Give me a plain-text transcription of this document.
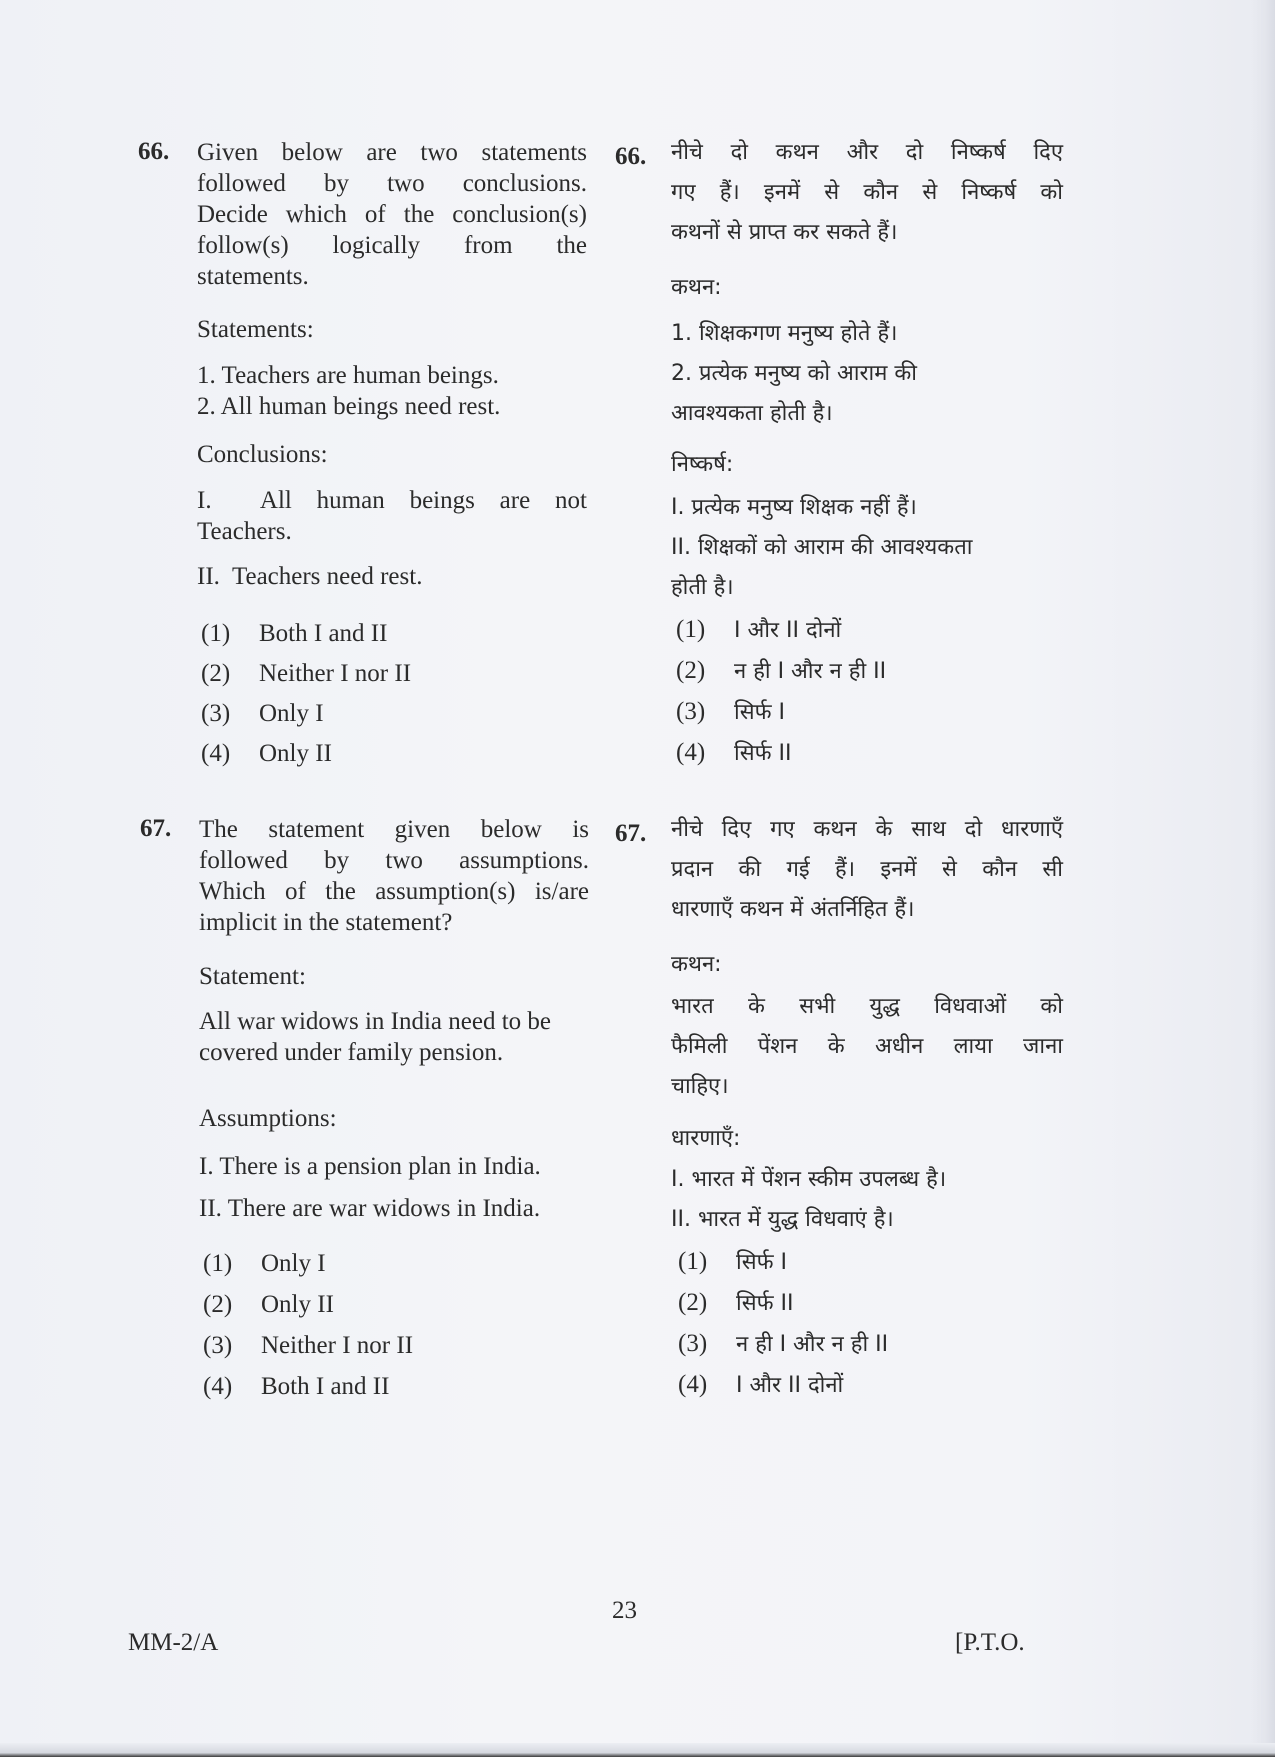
66. Given below are two statements
followed by two conclusions.
Decide which of the conclusion(s)
follow(s) logically from the
statements.
Statements:
1. Teachers are human beings.
2. All human beings need rest.
Conclusions:
I.  All human beings are not
Teachers.
II.  Teachers need rest.
(1) Both I and II
(2) Neither I nor II
(3) Only I
(4) Only II
66. नीचे दो कथन और दो निष्कर्ष दिए
गए हैं। इनमें से कौन से निष्कर्ष को
कथनों से प्राप्त कर सकते हैं।
कथन:
1. शिक्षकगण मनुष्य होते हैं।
2. प्रत्येक मनुष्य को आराम की
आवश्यकता होती है।
निष्कर्ष:
I. प्रत्येक मनुष्य शिक्षक नहीं हैं।
II. शिक्षकों को आराम की आवश्यकता
होती है।
(1) I और II दोनों
(2) न ही I और न ही II
(3) सिर्फ I
(4) सिर्फ II
67. The statement given below is
followed by two assumptions.
Which of the assumption(s) is/are
implicit in the statement?
Statement:
All war widows in India need to be
covered under family pension.
Assumptions:
I. There is a pension plan in India.
II. There are war widows in India.
(1) Only I
(2) Only II
(3) Neither I nor II
(4) Both I and II
67. नीचे दिए गए कथन के साथ दो धारणाएँ
प्रदान की गई हैं। इनमें से कौन सी
धारणाएँ कथन में अंतर्निहित हैं।
कथन:
भारत के सभी युद्ध विधवाओं को
फैमिली पेंशन के अधीन लाया जाना
चाहिए।
धारणाएँ:
I. भारत में पेंशन स्कीम उपलब्ध है।
II. भारत में युद्ध विधवाएं है।
(1) सिर्फ I
(2) सिर्फ II
(3) न ही I और न ही II
(4) I और II दोनों
23
MM-2/A	[P.T.O.
